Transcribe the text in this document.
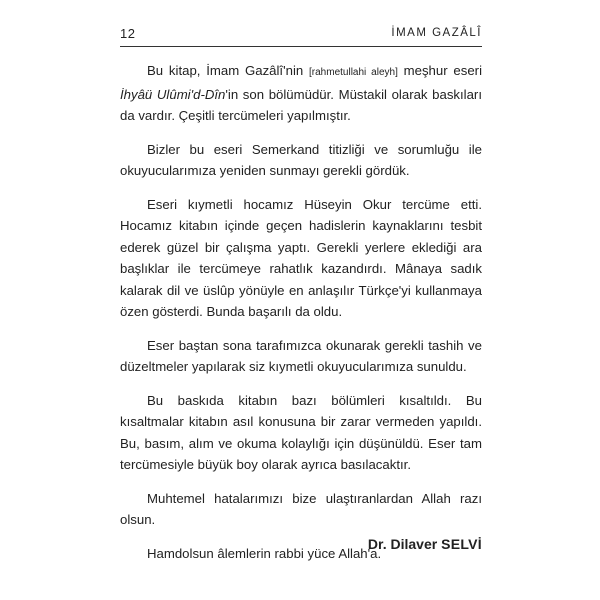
12	İMAM GAZÂLÎ

Bu kitap, İmam Gazâlî'nin [rahmetullahi aleyh] meşhur eseri İhyâü Ulûmi'd-Dîn'in son bölümüdür. Müstakil olarak baskıları da vardır. Çeşitli tercümeleri yapılmıştır.

Bizler bu eseri Semerkand titizliği ve sorumluğu ile okuyucularımıza yeniden sunmayı gerekli gördük.

Eseri kıymetli hocamız Hüseyin Okur tercüme etti. Hocamız kitabın içinde geçen hadislerin kaynaklarını tesbit ederek güzel bir çalışma yaptı. Gerekli yerlere eklediği ara başlıklar ile tercümeye rahatlık kazandırdı. Mânaya sadık kalarak dil ve üslûp yönüyle en anlaşılır Türkçe'yi kullanmaya özen gösterdi. Bunda başarılı da oldu.

Eser baştan sona tarafımızca okunarak gerekli tashih ve düzeltmeler yapılarak siz kıymetli okuyucularımıza sunuldu.

Bu baskıda kitabın bazı bölümleri kısaltıldı. Bu kısaltmalar kitabın asıl konusuna bir zarar vermeden yapıldı. Bu, basım, alım ve okuma kolaylığı için düşünüldü. Eser tam tercümesiyle büyük boy olarak ayrıca basılacaktır.

Muhtemel hatalarımızı bize ulaştıranlardan Allah razı olsun.

Hamdolsun âlemlerin rabbi yüce Allah'a.

Dr. Dilaver SELVİ
